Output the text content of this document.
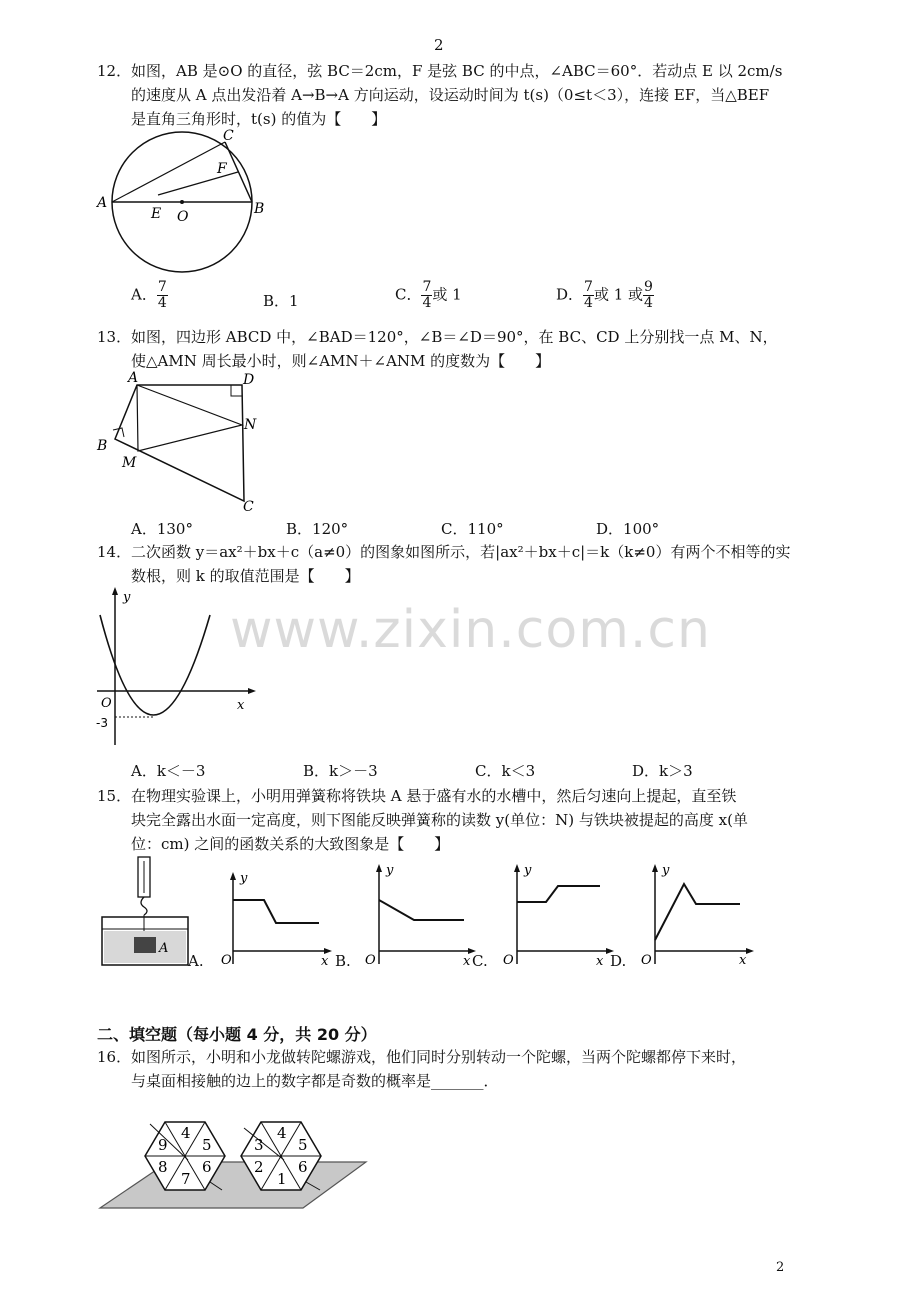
2
www.zixin.com.cn
12． 如图，AB 是⊙O 的直径，弦 BC＝2cm，F 是弦 BC 的中点，∠ABC＝60°．若动点 E 以 2cm/s
的速度从 A 点出发沿着 A→B→A 方向运动，设运动时间为 t(s)（0≤t＜3），连接 EF，当△BEF
是直角三角形时，t(s) 的值为【　　】
A	B
C
F
E O
A． $\frac{7}{4}$	B．1	C． $\frac{7}{4}$ 或 1	D． $\frac{7}{4}$ 或 1 或 $\frac{9}{4}$
13． 如图，四边形 ABCD 中，∠BAD＝120°，∠B＝∠D＝90°，在 BC、CD 上分别找一点 M、N，
使△AMN 周长最小时，则∠AMN＋∠ANM 的度数为【　　】
A	D
B
M
N
C
A．130°	B．120°	C．110°	D．100°
14． 二次函数 y＝ax²＋bx＋c（a≠0）的图象如图所示，若|ax²＋bx＋c|＝k（k≠0）有两个不相等的实
数根，则 k 的取值范围是【　　】
y
x
O
-3
A．k＜－3	B．k＞－3	C．k＜3	D．k＞3
15． 在物理实验课上，小明用弹簧称将铁块 A 悬于盛有水的水槽中，然后匀速向上提起，直至铁
块完全露出水面一定高度，则下图能反映弹簧称的读数 y(单位：N) 与铁块被提起的高度 x(单
位：cm) 之间的函数关系的大致图象是【　　】
A
A.
y
O	x B.
y
O	x C.
y
O	x D.
y
O	x
二、填空题（每小题 4 分，共 20 分）
16． 如图所示，小明和小龙做转陀螺游戏，他们同时分别转动一个陀螺，当两个陀螺都停下来时，
与桌面相接触的边上的数字都是奇数的概率是_______．
9
4
5
8
7
6
3
4
5
2
1
6
2
